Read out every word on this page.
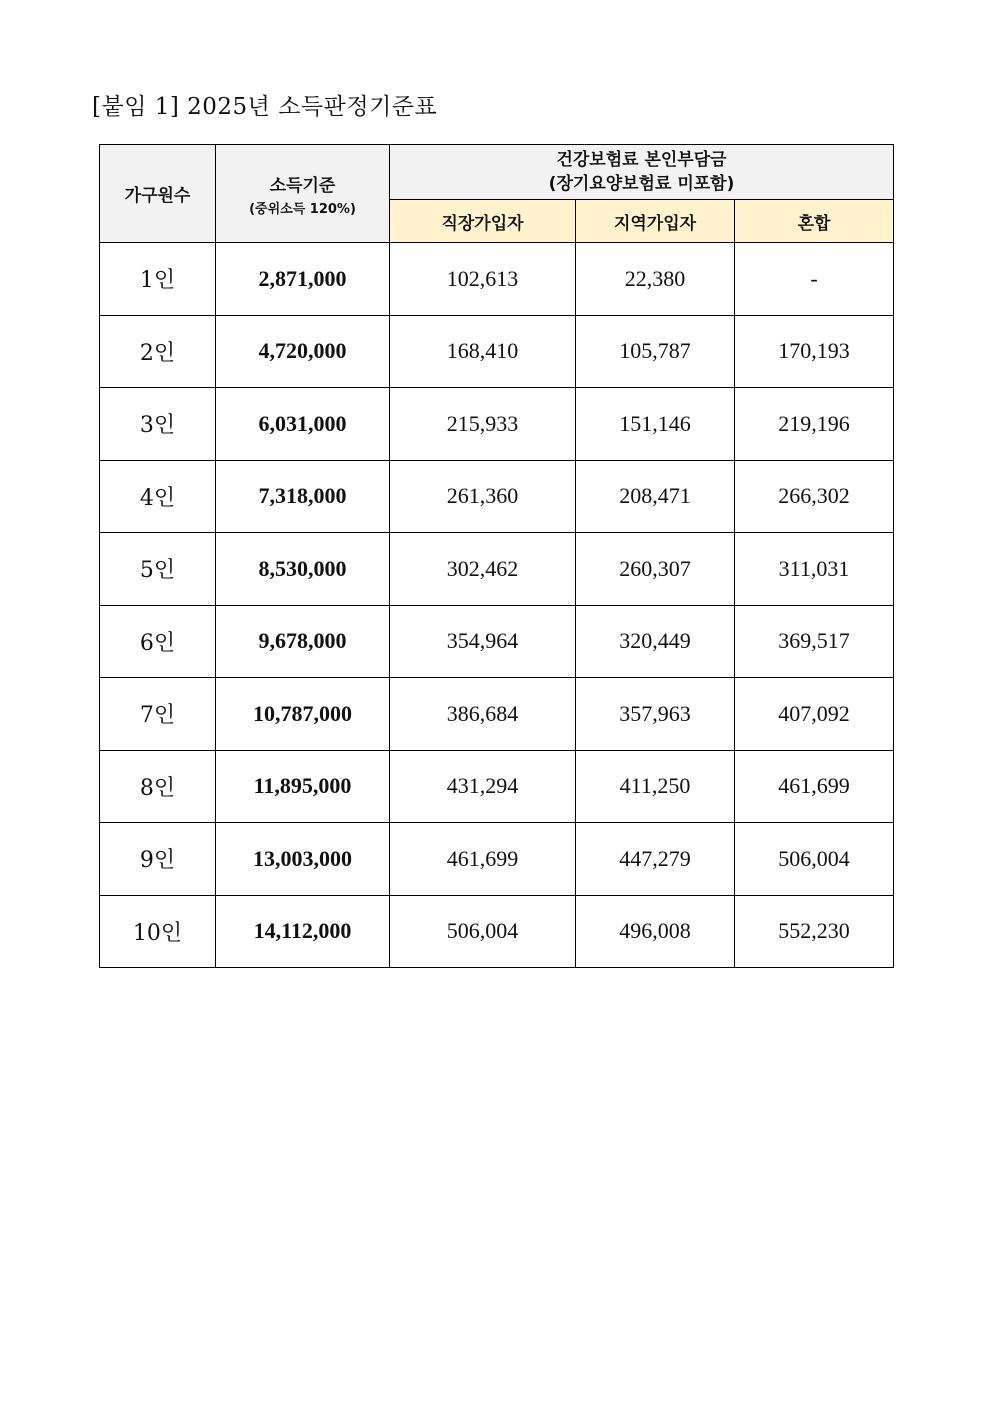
[붙임 1] 2025년 소득판정기준표
가구원수	소득기준
(중위소득 120%)	건강보험료 본인부담금
(장기요양보험료 미포함)		

		직장가입자	지역가입자	혼합
1인	2,871,000	102,613	22,380	-
2인	4,720,000	168,410	105,787	170,193
3인	6,031,000	215,933	151,146	219,196
4인	7,318,000	261,360	208,471	266,302
5인	8,530,000	302,462	260,307	311,031
6인	9,678,000	354,964	320,449	369,517
7인	10,787,000	386,684	357,963	407,092
8인	11,895,000	431,294	411,250	461,699
9인	13,003,000	461,699	447,279	506,004
10인	14,112,000	506,004	496,008	552,230
